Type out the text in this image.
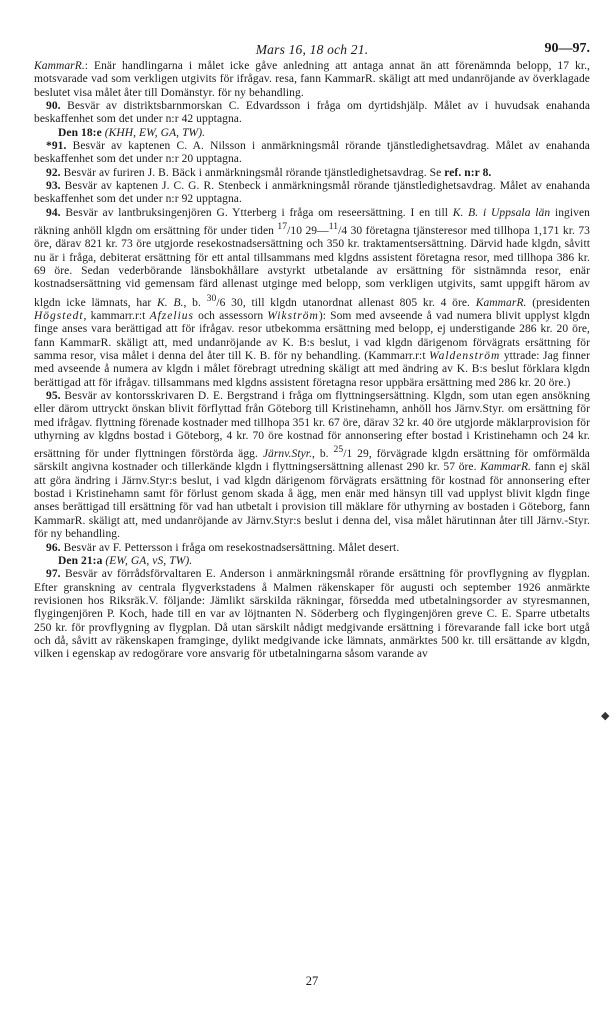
Mars 16, 18 och 21.	90—97.

KammarR.: Enär handlingarna i målet icke gåve anledning att antaga annat än att förenämnda belopp, 17 kr., motsvarade vad som verkligen utgivits för ifrågav. resa, fann KammarR. skäligt att med undanröjande av överklagade beslutet visa målet åter till Domänstyr. för ny behandling.

90. Besvär av distriktsbarnmorskan C. Edvardsson i fråga om dyrtidshjälp. Målet av i huvudsak enahanda beskaffenhet som det under n:r 42 upptagna.

Den 18:e (KHH, EW, GA, TW).

*91. Besvär av kaptenen C. A. Nilsson i anmärkningsmål rörande tjänstledighetsavdrag. Målet av enahanda beskaffenhet som det under n:r 20 upptagna.

92. Besvär av furiren J. B. Bäck i anmärkningsmål rörande tjänstledighetsavdrag. Se ref. n:r 8.

93. Besvär av kaptenen J. C. G. R. Stenbeck i anmärkningsmål rörande tjänstledighetsavdrag. Målet av enahanda beskaffenhet som det under n:r 92 upptagna.

94. Besvär av lantbruksingenjören G. Ytterberg i fråga om reseersättning. I en till K. B. i Uppsala län ingiven räkning anhöll klgdn om ersättning för under tiden $^{17}$/10 29—$^{11}$/4 30 företagna tjänsteresor med tillhopa 1,171 kr. 73 öre, därav 821 kr. 73 öre utgjorde resekostnadsersättning och 350 kr. traktamentsersättning. Därvid hade klgdn, såvitt nu är i fråga, debiterat ersättning för ett antal tillsammans med klgdns assistent företagna resor, med tillhopa 386 kr. 69 öre. Sedan vederbörande länsbokhållare avstyrkt utbetalande av ersättning för sistnämnda resor, enär kostnadsersättning vid gemensam färd allenast utginge med belopp, som verkligen utgivits, samt uppgift härom av klgdn icke lämnats, har K. B., b. $^{30}$/6 30, till klgdn utanordnat allenast 805 kr. 4 öre. KammarR. (presidenten Högstedt, kammarr.r:t Afzelius och assessorn Wikström): Som med avseende å vad numera blivit upplyst klgdn finge anses vara berättigad att för ifrågav. resor utbekomma ersättning med belopp, ej understigande 286 kr. 20 öre, fann KammarR. skäligt att, med undanröjande av K. B:s beslut, i vad klgdn därigenom förvägrats ersättning för samma resor, visa målet i denna del åter till K. B. för ny behandling. (Kammarr.r:t Waldenström yttrade: Jag finner med avseende å numera av klgdn i målet förebragt utredning skäligt att med ändring av K. B:s beslut förklara klgdn berättigad att för ifrågav. tillsammans med klgdns assistent företagna resor uppbära ersättning med 286 kr. 20 öre.)

95. Besvär av kontorsskrivaren D. E. Bergstrand i fråga om flyttningsersättning. Klgdn, som utan egen ansökning eller därom uttryckt önskan blivit förflyttad från Göteborg till Kristinehamn, anhöll hos Järnv.Styr. om ersättning för med ifrågav. flyttning förenade kostnader med tillhopa 351 kr. 67 öre, därav 32 kr. 40 öre utgjorde mäklarprovision för uthyrning av klgdns bostad i Göteborg, 4 kr. 70 öre kostnad för annonsering efter bostad i Kristinehamn och 24 kr. ersättning för under flyttningen förstörda ägg. Järnv.Styr., b. $^{25}$/1 29, förvägrade klgdn ersättning för omförmälda särskilt angivna kostnader och tillerkände klgdn i flyttningsersättning allenast 290 kr. 57 öre. KammarR. fann ej skäl att göra ändring i Järnv.Styr:s beslut, i vad klgdn därigenom förvägrats ersättning för kostnad för annonsering efter bostad i Kristinehamn samt för förlust genom skada å ägg, men enär med hänsyn till vad upplyst blivit klgdn finge anses berättigad till ersättning för vad han utbetalt i provision till mäklare för uthyrning av bostaden i Göteborg, fann KammarR. skäligt att, med undanröjande av Järnv.Styr:s beslut i denna del, visa målet härutinnan åter till Järnv.-Styr. för ny behandling.

96. Besvär av F. Pettersson i fråga om resekostnadsersättning. Målet desert.

Den 21:a (EW, GA, vS, TW).

97. Besvär av förrådsförvaltaren E. Anderson i anmärkningsmål rörande ersättning för provflygning av flygplan. Efter granskning av centrala flygverkstadens å Malmen räkenskaper för augusti och september 1926 anmärkte revisionen hos Riksräk.V. följande: Jämlikt särskilda räkningar, försedda med utbetalningsorder av styresmannen, flygingenjören P. Koch, hade till en var av löjtnanten N. Söderberg och flygingenjören greve C. E. Sparre utbetalts 250 kr. för provflygning av flygplan. Då utan särskilt nådigt medgivande ersättning i förevarande fall icke bort utgå och då, såvitt av räkenskapen framginge, dylikt medgivande icke lämnats, anmärktes 500 kr. till ersättande av klgdn, vilken i egenskap av redogörare vore ansvarig för utbetalningarna såsom varande av

27
◆
